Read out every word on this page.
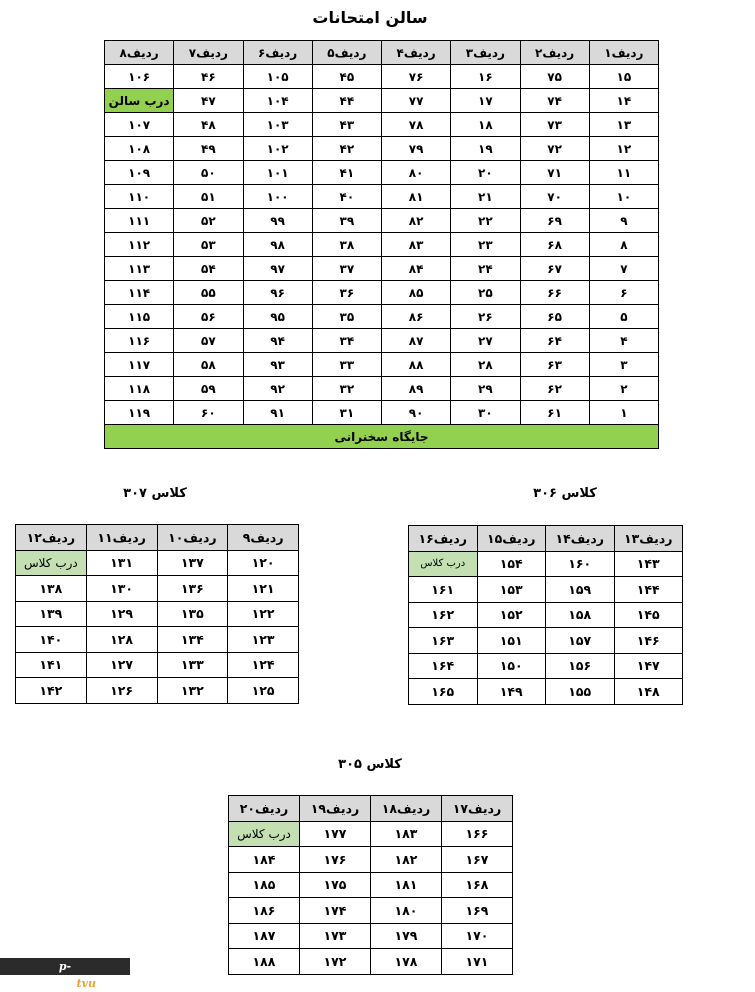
سالن امتحانات
ردیف۱	ردیف۲	ردیف۳	ردیف۴	ردیف۵	ردیف۶	ردیف۷	ردیف۸
۱۵	۷۵	۱۶	۷۶	۴۵	۱۰۵	۴۶	۱۰۶
۱۴	۷۴	۱۷	۷۷	۴۴	۱۰۴	۴۷	درب سالن
۱۳	۷۳	۱۸	۷۸	۴۳	۱۰۳	۴۸	۱۰۷
۱۲	۷۲	۱۹	۷۹	۴۲	۱۰۲	۴۹	۱۰۸
۱۱	۷۱	۲۰	۸۰	۴۱	۱۰۱	۵۰	۱۰۹
۱۰	۷۰	۲۱	۸۱	۴۰	۱۰۰	۵۱	۱۱۰
۹	۶۹	۲۲	۸۲	۳۹	۹۹	۵۲	۱۱۱
۸	۶۸	۲۳	۸۳	۳۸	۹۸	۵۳	۱۱۲
۷	۶۷	۲۴	۸۴	۳۷	۹۷	۵۴	۱۱۳
۶	۶۶	۲۵	۸۵	۳۶	۹۶	۵۵	۱۱۴
۵	۶۵	۲۶	۸۶	۳۵	۹۵	۵۶	۱۱۵
۴	۶۴	۲۷	۸۷	۳۴	۹۴	۵۷	۱۱۶
۳	۶۳	۲۸	۸۸	۳۳	۹۳	۵۸	۱۱۷
۲	۶۲	۲۹	۸۹	۳۲	۹۲	۵۹	۱۱۸
۱	۶۱	۳۰	۹۰	۳۱	۹۱	۶۰	۱۱۹
جایگاه سخنرانی							
کلاس ۳۰۷
ردیف۹	ردیف۱۰	ردیف۱۱	ردیف۱۲
۱۲۰	۱۳۷	۱۳۱	درب کلاس
۱۲۱	۱۳۶	۱۳۰	۱۳۸
۱۲۲	۱۳۵	۱۲۹	۱۳۹
۱۲۳	۱۳۴	۱۲۸	۱۴۰
۱۲۴	۱۳۳	۱۲۷	۱۴۱
۱۲۵	۱۳۲	۱۲۶	۱۴۲
کلاس ۳۰۶
ردیف۱۳	ردیف۱۴	ردیف۱۵	ردیف۱۶
۱۴۳	۱۶۰	۱۵۴	درب کلاس
۱۴۴	۱۵۹	۱۵۳	۱۶۱
۱۴۵	۱۵۸	۱۵۲	۱۶۲
۱۴۶	۱۵۷	۱۵۱	۱۶۳
۱۴۷	۱۵۶	۱۵۰	۱۶۴
۱۴۸	۱۵۵	۱۴۹	۱۶۵
کلاس ۳۰۵
ردیف۱۷	ردیف۱۸	ردیف۱۹	ردیف۲۰
۱۶۶	۱۸۳	۱۷۷	درب کلاس
۱۶۷	۱۸۲	۱۷۶	۱۸۴
۱۶۸	۱۸۱	۱۷۵	۱۸۵
۱۶۹	۱۸۰	۱۷۴	۱۸۶
۱۷۰	۱۷۹	۱۷۳	۱۸۷
۱۷۱	۱۷۸	۱۷۲	۱۸۸
p-golpayegan.tvu.ac.ir
